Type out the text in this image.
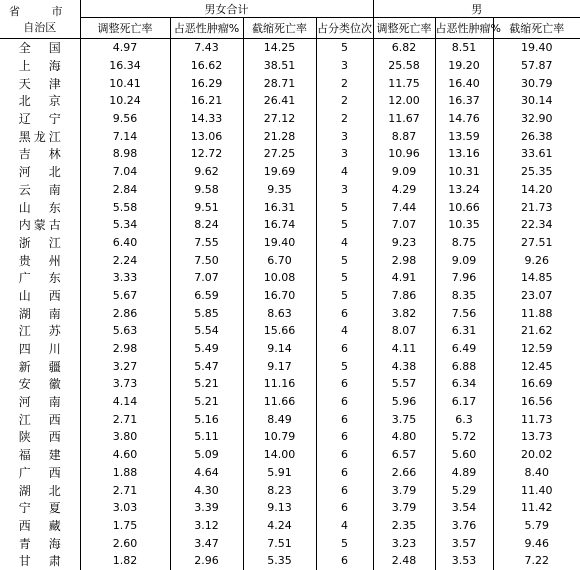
省 市
自治区	男女合计				男		
	调整死亡率	占恶性肿瘤%	截缩死亡率	占分类位次	调整死亡率	占恶性肿瘤%	截缩死亡率

全 国	4.97	7.43	14.25	5	6.82	8.51	19.40

上 海	16.34	16.62	38.51	3	25.58	19.20	57.87

天 津	10.41	16.29	28.71	2	11.75	16.40	30.79

北 京	10.24	16.21	26.41	2	12.00	16.37	30.14

辽 宁	9.56	14.33	27.12	2	11.67	14.76	32.90

黑 龙 江	7.14	13.06	21.28	3	8.87	13.59	26.38

吉 林	8.98	12.72	27.25	3	10.96	13.16	33.61

河 北	7.04	9.62	19.69	4	9.09	10.31	25.35

云 南	2.84	9.58	9.35	3	4.29	13.24	14.20

山 东	5.58	9.51	16.31	5	7.44	10.66	21.73

内 蒙 古	5.34	8.24	16.74	5	7.07	10.35	22.34

浙 江	6.40	7.55	19.40	4	9.23	8.75	27.51

贵 州	2.24	7.50	6.70	5	2.98	9.09	9.26

广 东	3.33	7.07	10.08	5	4.91	7.96	14.85

山 西	5.67	6.59	16.70	5	7.86	8.35	23.07

湖 南	2.86	5.85	8.63	6	3.82	7.56	11.88

江 苏	5.63	5.54	15.66	4	8.07	6.31	21.62

四 川	2.98	5.49	9.14	6	4.11	6.49	12.59

新 疆	3.27	5.47	9.17	5	4.38	6.88	12.45

安 徽	3.73	5.21	11.16	6	5.57	6.34	16.69

河 南	4.14	5.21	11.66	6	5.96	6.17	16.56

江 西	2.71	5.16	8.49	6	3.75	6.3	11.73

陕 西	3.80	5.11	10.79	6	4.80	5.72	13.73

福 建	4.60	5.09	14.00	6	6.57	5.60	20.02

广 西	1.88	4.64	5.91	6	2.66	4.89	8.40

湖 北	2.71	4.30	8.23	6	3.79	5.29	11.40

宁 夏	3.03	3.39	9.13	6	3.79	3.54	11.42

西 藏	1.75	3.12	4.24	4	2.35	3.76	5.79

青 海	2.60	3.47	7.51	5	3.23	3.57	9.46

甘 肃	1.82	2.96	5.35	6	2.48	3.53	7.22
